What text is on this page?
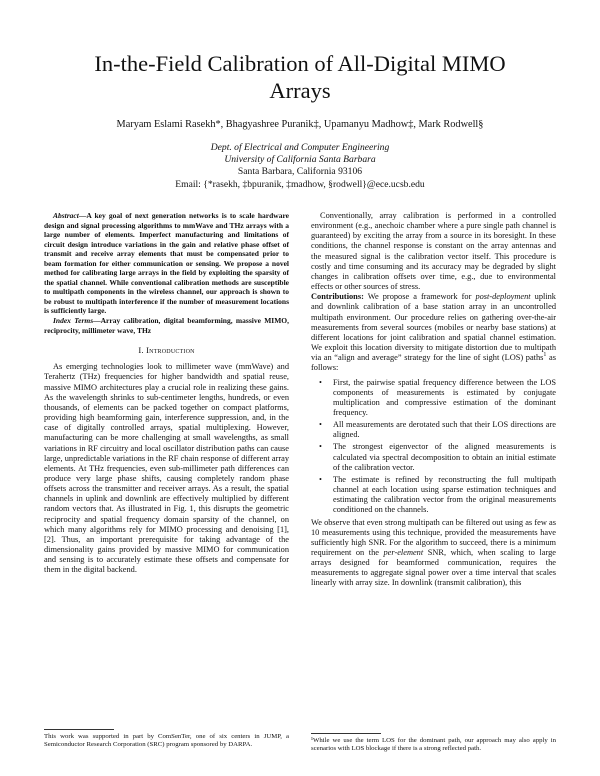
In-the-Field Calibration of All-Digital MIMO
Arrays
Maryam Eslami Rasekh*, Bhagyashree Puranik‡, Upamanyu Madhow‡, Mark Rodwell§
Dept. of Electrical and Computer Engineering
University of California Santa Barbara
Santa Barbara, California 93106
Email: {*rasekh, ‡bpuranik, ‡madhow, §rodwell}@ece.ucsb.edu

Abstract—A key goal of next generation networks is to scale hardware design and signal processing algorithms to mmWave and THz arrays with a large number of elements. Imperfect manufacturing and limitations of circuit design introduce variations in the gain and relative phase offset of transmit and receive array elements that must be compensated prior to beam formation for either communication or sensing. We propose a novel method for calibrating large arrays in the field by exploiting the sparsity of the spatial channel. While conventional calibration methods are susceptible to multipath components in the wireless channel, our approach is shown to be robust to multipath interference if the number of measurement locations is sufficiently large.

Index Terms—Array calibration, digital beamforming, massive MIMO, reciprocity, millimeter wave, THz

I. Introduction

As emerging technologies look to millimeter wave (mmWave) and Terahertz (THz) frequencies for higher bandwidth and spatial reuse, massive MIMO architectures play a crucial role in realizing these gains. As the wavelength shrinks to sub-centimeter lengths, hundreds, or even thousands, of elements can be packed together on compact platforms, providing high beamforming gain, interference suppression, and, in the case of digitally controlled arrays, spatial multiplexing. However, manufacturing can be more challenging at small wavelengths, as small variations in RF circuitry and local oscillator distribution paths can cause large, unpredictable variations in the RF chain response of different array elements. At THz frequencies, even sub-millimeter path differences can produce very large phase shifts, causing completely random phase offsets across the transmitter and receiver arrays. As a result, the spatial channels in uplink and downlink are effectively multiplied by different random vectors that. As illustrated in Fig. 1, this disrupts the geometric reciprocity and spatial frequency domain sparsity of the channel, on which many algorithms rely for MIMO processing and denoising [1], [2]. Thus, an important prerequisite for taking advantage of the dimensionality gains provided by massive MIMO for communication and sensing is to accurately estimate these offsets and compensate for them in the digital backend.

This work was supported in part by ComSenTer, one of six centers in JUMP, a Semiconductor Research Corporation (SRC) program sponsored by DARPA.

Conventionally, array calibration is performed in a controlled environment (e.g., anechoic chamber where a pure single path channel is guaranteed) by exciting the array from a source in its boresight. In these conditions, the channel response is constant on the array antennas and the measured signal is the calibration vector itself. This procedure is costly and time consuming and its accuracy may be degraded by slight changes in calibration offsets over time, e.g., due to environmental effects or other sources of stress.

Contributions: We propose a framework for post-deployment uplink and downlink calibration of a base station array in an uncontrolled multipath environment. Our procedure relies on gathering over-the-air measurements from several sources (mobiles or nearby base stations) at different locations for joint calibration and spatial channel estimation. We exploit this location diversity to mitigate distortion due to multipath via an “align and average” strategy for the line of sight (LOS) paths$^1$ as follows:

• First, the pairwise spatial frequency difference between the LOS components of measurements is estimated by conjugate multiplication and compressive estimation of the dominant frequency.
• All measurements are derotated such that their LOS directions are aligned.
• The strongest eigenvector of the aligned measurements is calculated via spectral decomposition to obtain an initial estimate of the calibration vector.
• The estimate is refined by reconstructing the full multipath channel at each location using sparse estimation techniques and estimating the calibration vector from the original measurements conditioned on the channels.

We observe that even strong multipath can be filtered out using as few as 10 measurements using this technique, provided the measurements have sufficiently high SNR. For the algorithm to succeed, there is a minimum requirement on the per-element SNR, which, when scaling to large arrays designed for beamformed communication, requires the measurements to aggregate signal power over a time interval that scales linearly with array size. In downlink (transmit calibration), this

¹While we use the term LOS for the dominant path, our approach may also apply in scenarios with LOS blockage if there is a strong reflected path.
